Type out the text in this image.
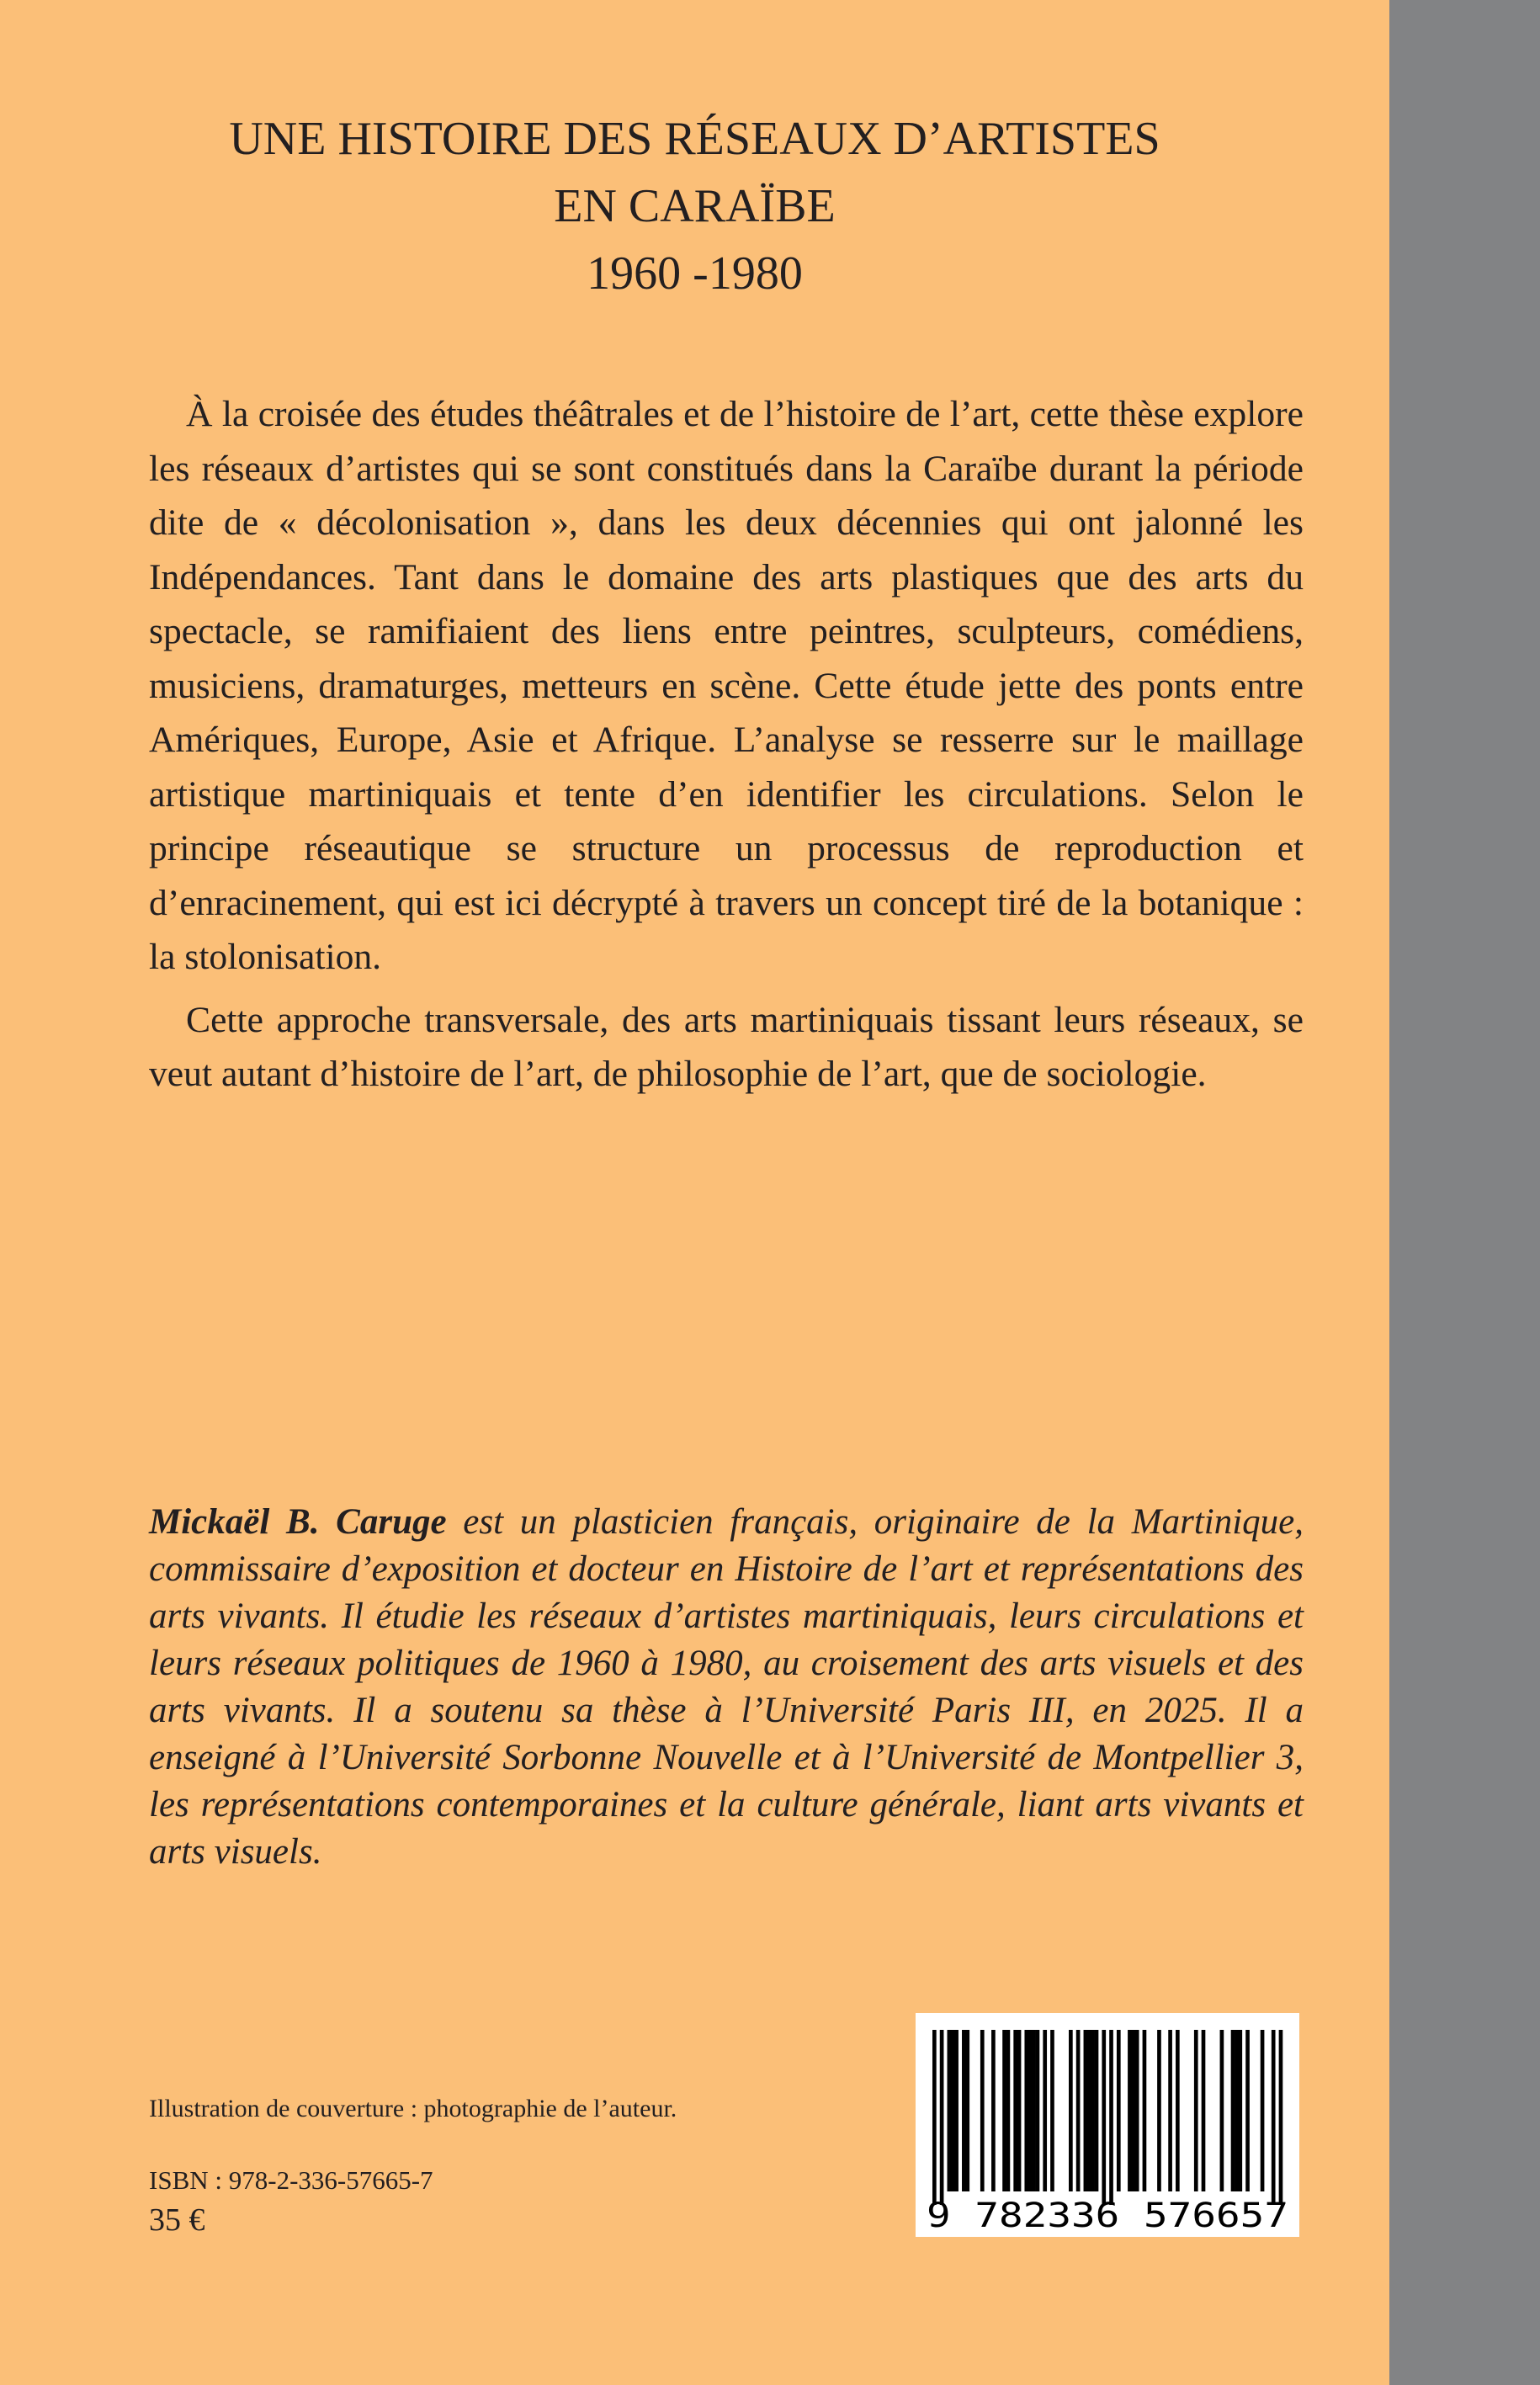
UNE HISTOIRE DES RÉSEAUX D’ARTISTES
EN CARAÏBE
1960 -1980

À la croisée des études théâtrales et de l’histoire de l’art, cette thèse explore les réseaux d’artistes qui se sont constitués dans la Caraïbe durant la période dite de « décolonisation », dans les deux décennies qui ont jalonné les Indépendances. Tant dans le domaine des arts plastiques que des arts du spectacle, se ramifiaient des liens entre peintres, sculpteurs, comédiens, musiciens, dramaturges, metteurs en scène. Cette étude jette des ponts entre Amériques, Europe, Asie et Afrique. L’analyse se resserre sur le maillage artistique martiniquais et tente d’en identifier les circulations. Selon le principe réseautique se structure un processus de reproduction et d’enracinement, qui est ici décrypté à travers un concept tiré de la botanique : la stolonisation.

Cette approche transversale, des arts martiniquais tissant leurs réseaux, se veut autant d’histoire de l’art, de philosophie de l’art, que de sociologie.

Mickaël B. Caruge est un plasticien français, originaire de la Martinique, commissaire d’exposition et docteur en Histoire de l’art et représentations des arts vivants. Il étudie les réseaux d’artistes martiniquais, leurs circulations et leurs réseaux politiques de 1960 à 1980, au croisement des arts visuels et des arts vivants. Il a soutenu sa thèse à l’Université Paris III, en 2025. Il a enseigné à l’Université Sorbonne Nouvelle et à l’Université de Montpellier 3, les représentations contemporaines et la culture générale, liant arts vivants et arts visuels.

Illustration de couverture : photographie de l’auteur.
ISBN : 978-2-336-57665-7
35 €	9 782336 576657
